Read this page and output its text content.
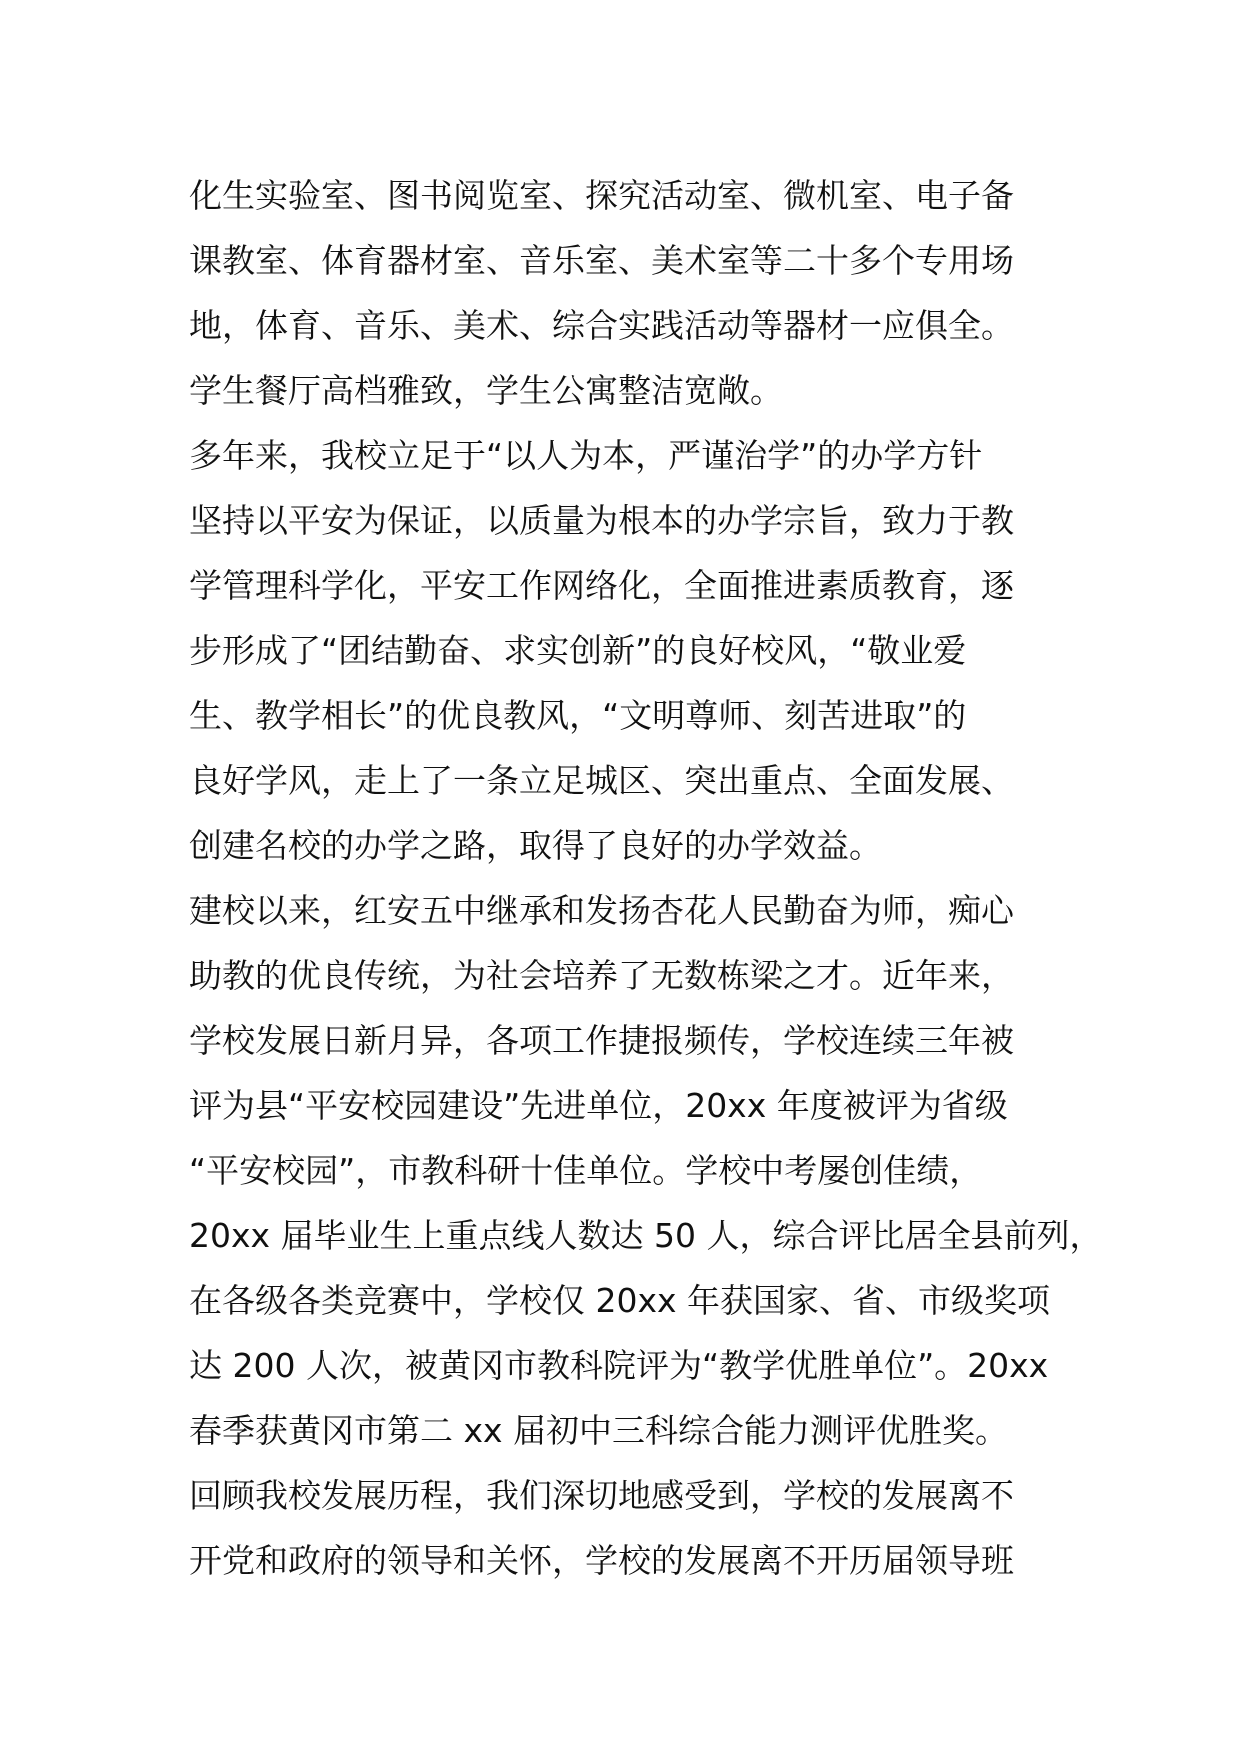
化生实验室、图书阅览室、探究活动室、微机室、电子备
课教室、体育器材室、音乐室、美术室等二十多个专用场
地，体育、音乐、美术、综合实践活动等器材一应俱全。
学生餐厅高档雅致，学生公寓整洁宽敞。
多年来，我校立足于“以人为本，严谨治学”的办学方针
坚持以平安为保证，以质量为根本的办学宗旨，致力于教
学管理科学化，平安工作网络化，全面推进素质教育，逐
步形成了“团结勤奋、求实创新”的良好校风，“敬业爱
生、教学相长”的优良教风，“文明尊师、刻苦进取”的
良好学风，走上了一条立足城区、突出重点、全面发展、
创建名校的办学之路，取得了良好的办学效益。
建校以来，红安五中继承和发扬杏花人民勤奋为师，痴心
助教的优良传统，为社会培养了无数栋梁之才。近年来，
学校发展日新月异，各项工作捷报频传，学校连续三年被
评为县“平安校园建设”先进单位，20xx 年度被评为省级
“平安校园”，市教科研十佳单位。学校中考屡创佳绩，
20xx 届毕业生上重点线人数达 50 人，综合评比居全县前列，
在各级各类竞赛中，学校仅 20xx 年获国家、省、市级奖项
达 200 人次，被黄冈市教科院评为“教学优胜单位”。20xx
春季获黄冈市第二 xx 届初中三科综合能力测评优胜奖。
回顾我校发展历程，我们深切地感受到，学校的发展离不
开党和政府的领导和关怀，学校的发展离不开历届领导班
